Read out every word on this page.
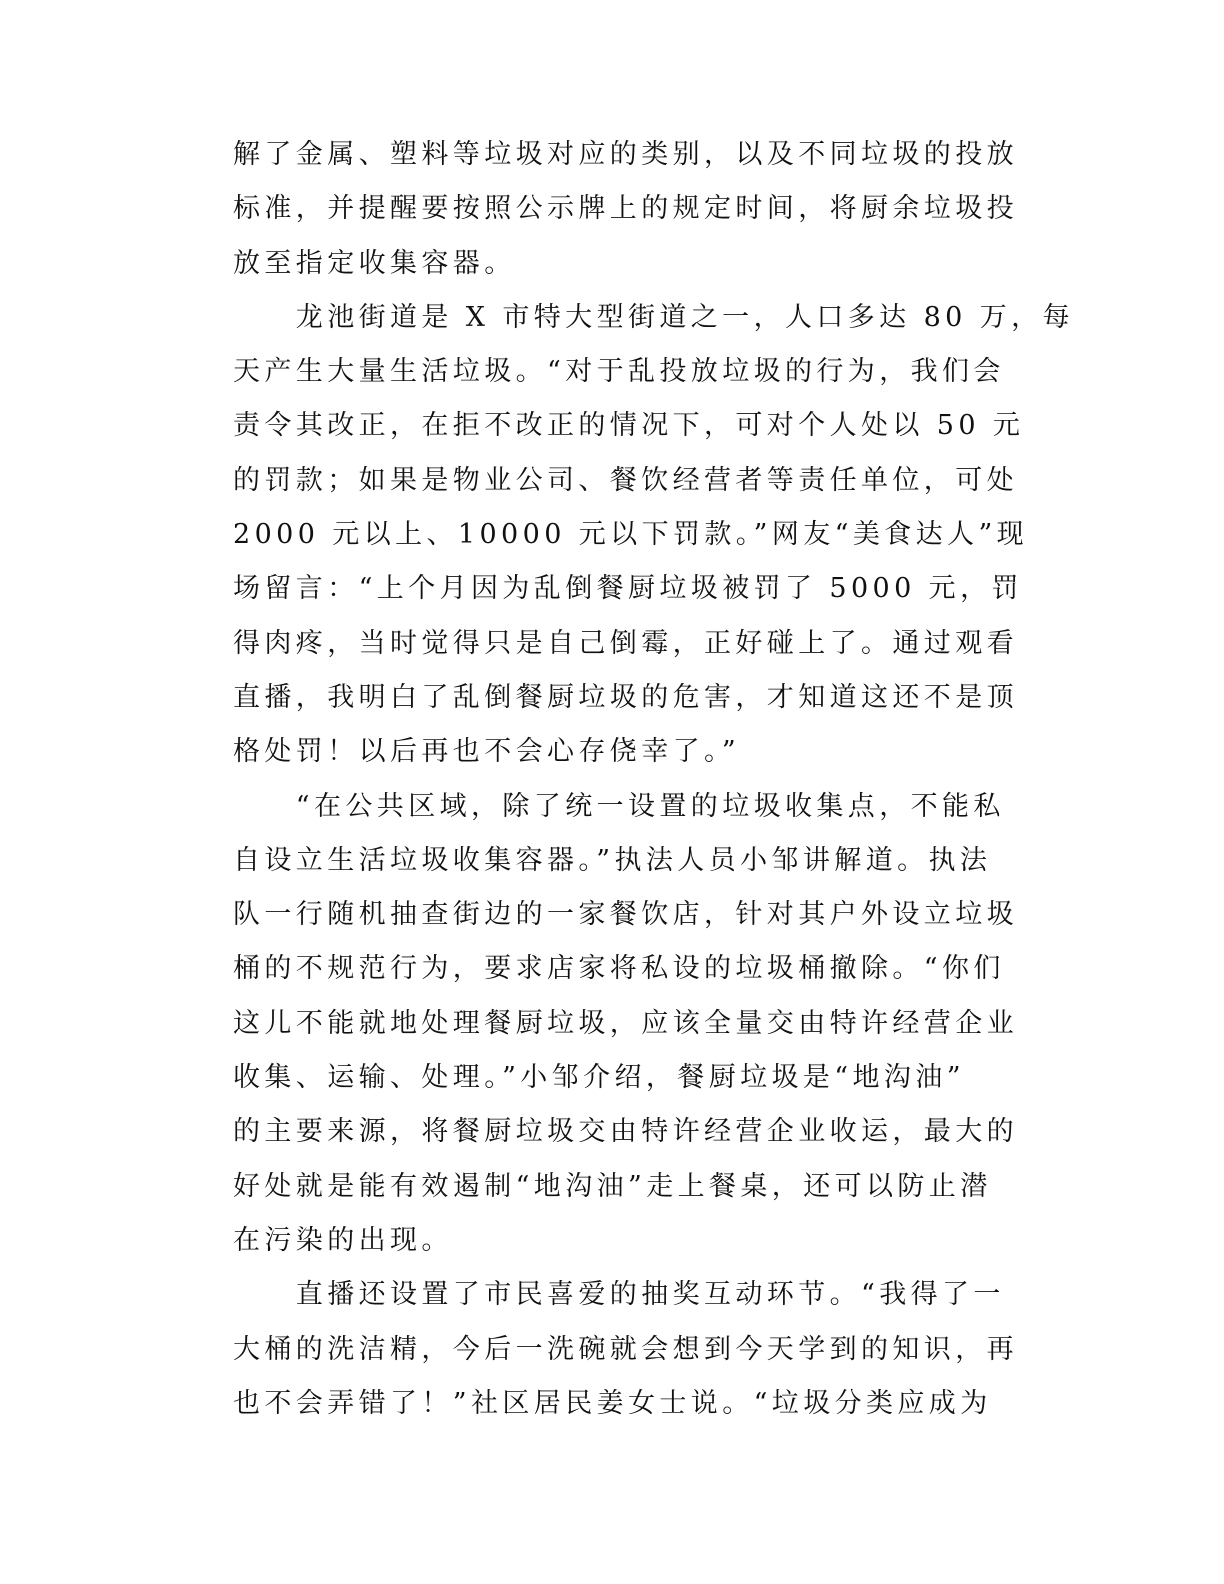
解了金属、塑料等垃圾对应的类别，以及不同垃圾的投放
标准，并提醒要按照公示牌上的规定时间，将厨余垃圾投
放至指定收集容器。
　　龙池街道是 X 市特大型街道之一，人口多达 80 万，每
天产生大量生活垃圾。“对于乱投放垃圾的行为，我们会
责令其改正，在拒不改正的情况下，可对个人处以 50 元
的罚款；如果是物业公司、餐饮经营者等责任单位，可处
2000 元以上、10000 元以下罚款。”网友“美食达人”现
场留言：“上个月因为乱倒餐厨垃圾被罚了 5000 元，罚
得肉疼，当时觉得只是自己倒霉，正好碰上了。通过观看
直播，我明白了乱倒餐厨垃圾的危害，才知道这还不是顶
格处罚！以后再也不会心存侥幸了。”
　　“在公共区域，除了统一设置的垃圾收集点，不能私
自设立生活垃圾收集容器。”执法人员小邹讲解道。执法
队一行随机抽查街边的一家餐饮店，针对其户外设立垃圾
桶的不规范行为，要求店家将私设的垃圾桶撤除。“你们
这儿不能就地处理餐厨垃圾，应该全量交由特许经营企业
收集、运输、处理。”小邹介绍，餐厨垃圾是“地沟油”
的主要来源，将餐厨垃圾交由特许经营企业收运，最大的
好处就是能有效遏制“地沟油”走上餐桌，还可以防止潜
在污染的出现。
　　直播还设置了市民喜爱的抽奖互动环节。“我得了一
大桶的洗洁精，今后一洗碗就会想到今天学到的知识，再
也不会弄错了！”社区居民姜女士说。“垃圾分类应成为
